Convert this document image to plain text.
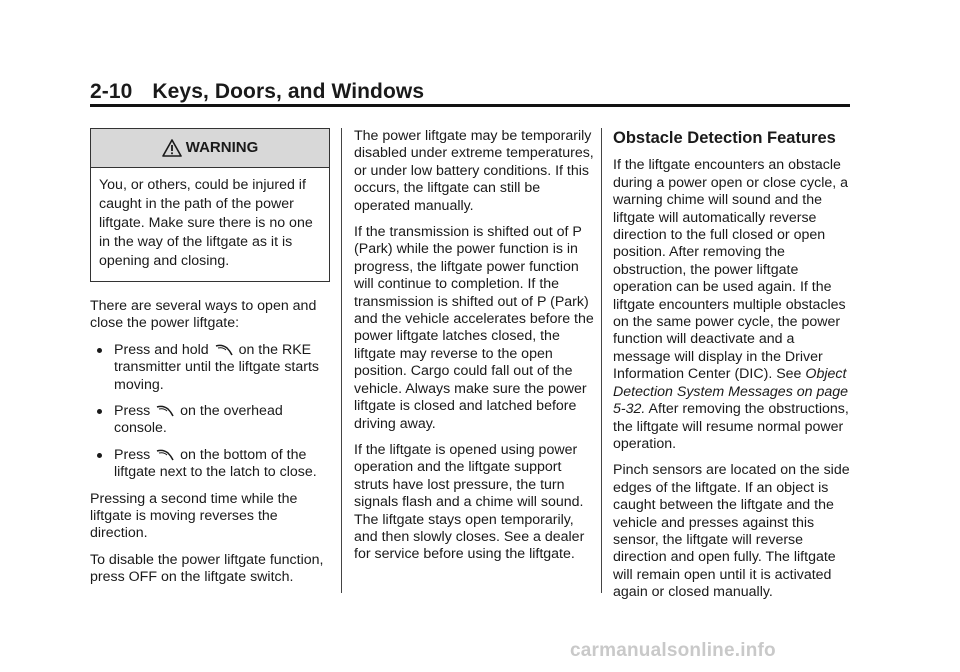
2-10 Keys, Doors, and Windows
WARNING
You, or others, could be injured if caught in the path of the power liftgate. Make sure there is no one in the way of the liftgate as it is opening and closing.

There are several ways to open and close the power liftgate:

Press and hold on the RKE transmitter until the liftgate starts moving.
Press on the overhead console.
Press on the bottom of the liftgate next to the latch to close.

Pressing a second time while the liftgate is moving reverses the direction.

To disable the power liftgate function, press OFF on the liftgate switch.

The power liftgate may be temporarily disabled under extreme temperatures, or under low battery conditions. If this occurs, the liftgate can still be operated manually.

If the transmission is shifted out of P (Park) while the power function is in progress, the liftgate power function will continue to completion. If the transmission is shifted out of P (Park) and the vehicle accelerates before the power liftgate latches closed, the liftgate may reverse to the open position. Cargo could fall out of the vehicle. Always make sure the power liftgate is closed and latched before driving away.

If the liftgate is opened using power operation and the liftgate support struts have lost pressure, the turn signals flash and a chime will sound. The liftgate stays open temporarily, and then slowly closes. See a dealer for service before using the liftgate.

Obstacle Detection Features

If the liftgate encounters an obstacle during a power open or close cycle, a warning chime will sound and the liftgate will automatically reverse direction to the full closed or open position. After removing the obstruction, the power liftgate operation can be used again. If the liftgate encounters multiple obstacles on the same power cycle, the power function will deactivate and a message will display in the Driver Information Center (DIC). See Object Detection System Messages on page 5-32. After removing the obstructions, the liftgate will resume normal power operation.

Pinch sensors are located on the side edges of the liftgate. If an object is caught between the liftgate and the vehicle and presses against this sensor, the liftgate will reverse direction and open fully. The liftgate will remain open until it is activated again or closed manually.

carmanualsonline.info
